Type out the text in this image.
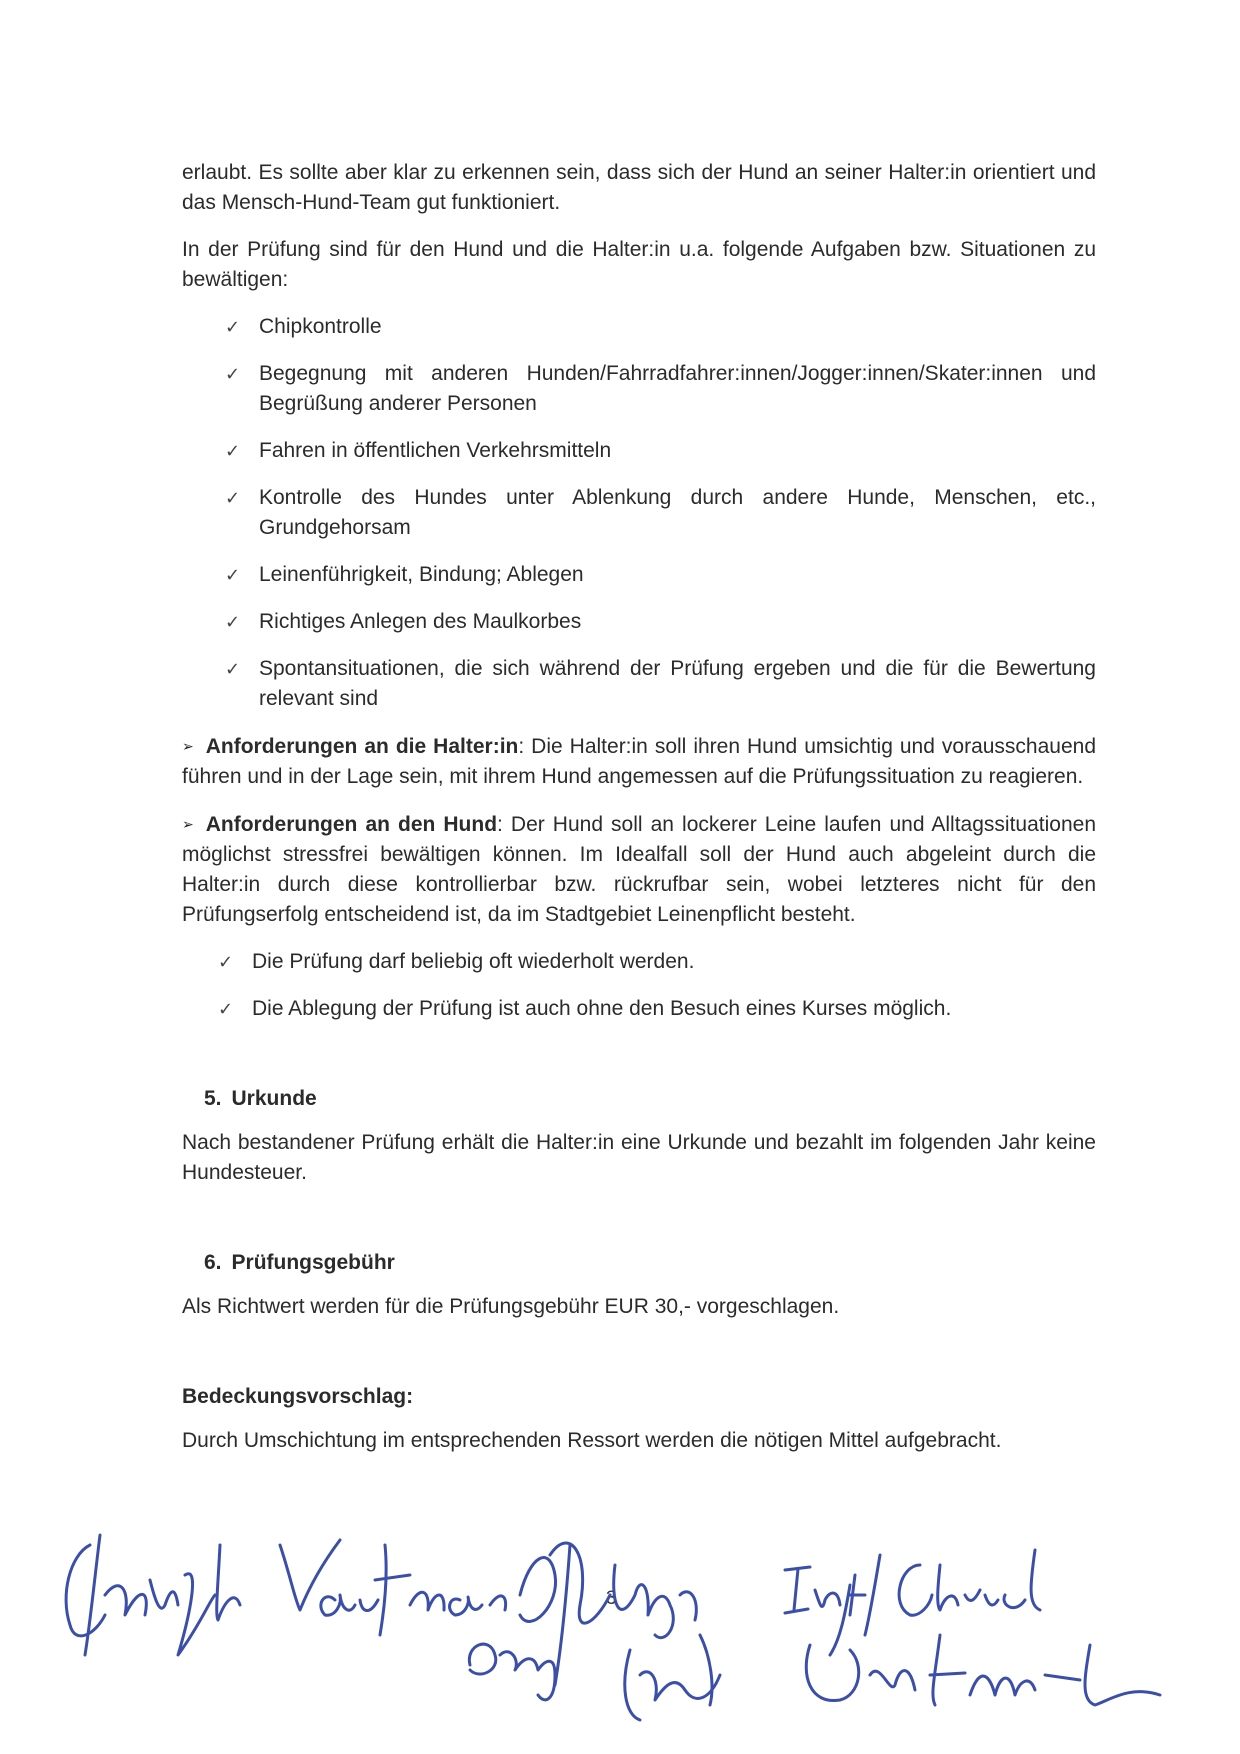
erlaubt. Es sollte aber klar zu erkennen sein, dass sich der Hund an seiner Halter:in orientiert und das Mensch-Hund-Team gut funktioniert.

In der Prüfung sind für den Hund und die Halter:in u.a. folgende Aufgaben bzw. Situationen zu bewältigen:

✓ Chipkontrolle
✓ Begegnung mit anderen Hunden/Fahrradfahrer:innen/Jogger:innen/Skater:innen und Begrüßung anderer Personen
✓ Fahren in öffentlichen Verkehrsmitteln
✓ Kontrolle des Hundes unter Ablenkung durch andere Hunde, Menschen, etc., Grundgehorsam
✓ Leinenführigkeit, Bindung; Ablegen
✓ Richtiges Anlegen des Maulkorbes
✓ Spontansituationen, die sich während der Prüfung ergeben und die für die Bewertung relevant sind

➢ Anforderungen an die Halter:in: Die Halter:in soll ihren Hund umsichtig und vorausschauend führen und in der Lage sein, mit ihrem Hund angemessen auf die Prüfungssituation zu reagieren.

➢ Anforderungen an den Hund: Der Hund soll an lockerer Leine laufen und Alltagssituationen möglichst stressfrei bewältigen können. Im Idealfall soll der Hund auch abgeleint durch die Halter:in durch diese kontrollierbar bzw. rückrufbar sein, wobei letzteres nicht für den Prüfungserfolg entscheidend ist, da im Stadtgebiet Leinenpflicht besteht.

✓ Die Prüfung darf beliebig oft wiederholt werden.
✓ Die Ablegung der Prüfung ist auch ohne den Besuch eines Kurses möglich.
5. Urkunde

Nach bestandener Prüfung erhält die Halter:in eine Urkunde und bezahlt im folgenden Jahr keine Hundesteuer.

6. Prüfungsgebühr

Als Richtwert werden für die Prüfungsgebühr EUR 30,- vorgeschlagen.

Bedeckungsvorschlag:

Durch Umschichtung im entsprechenden Ressort werden die nötigen Mittel aufgebracht.

3
